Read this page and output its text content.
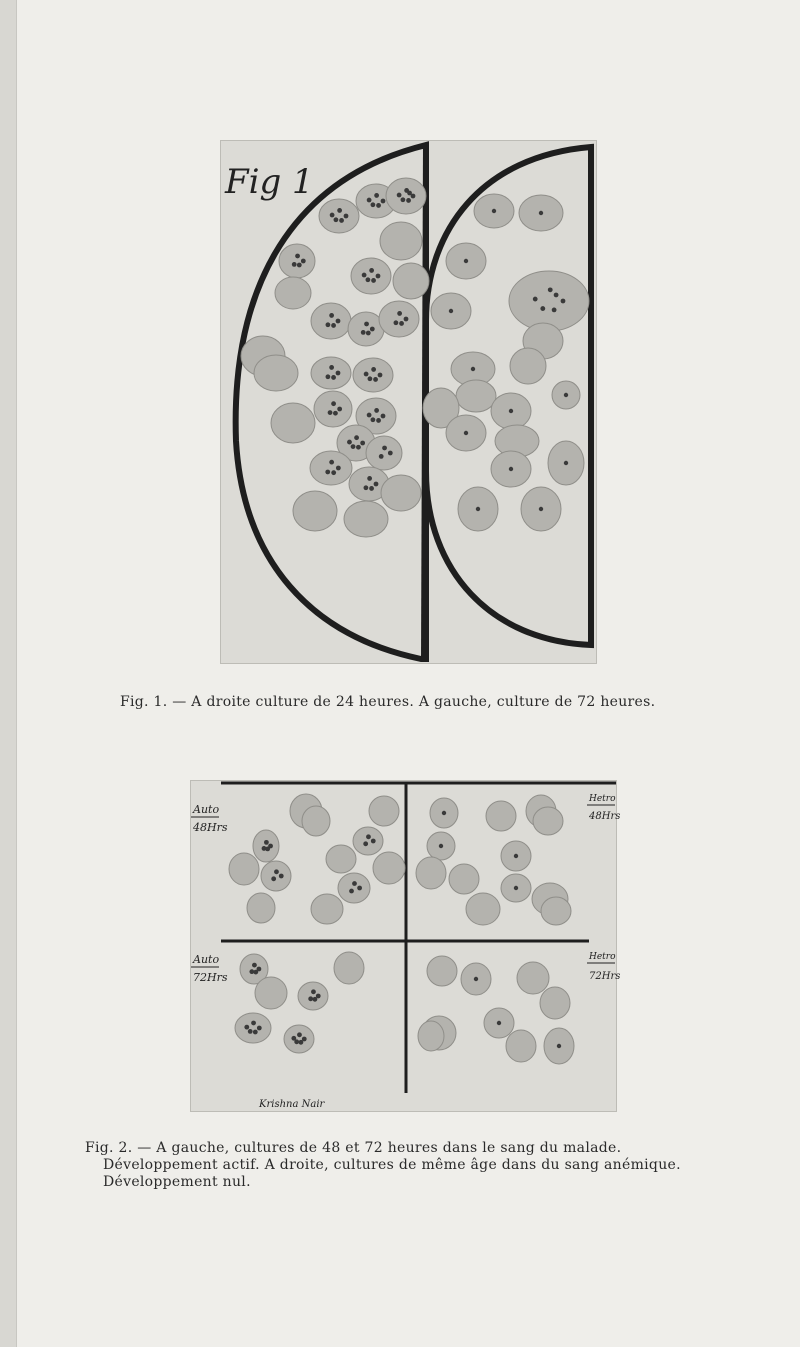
Fig 1
Fig. 1. — A droite culture de 24 heures. A gauche, culture de 72 heures.
Auto
48Hrs
Hetro
48Hrs
Auto
72Hrs
Hetro
72Hrs
Krishna Nair
Fig. 2. — A gauche, cultures de 48 et 72 heures dans le sang du malade.
Développement actif. A droite, cultures de même âge dans du sang anémique.
Développement nul.
